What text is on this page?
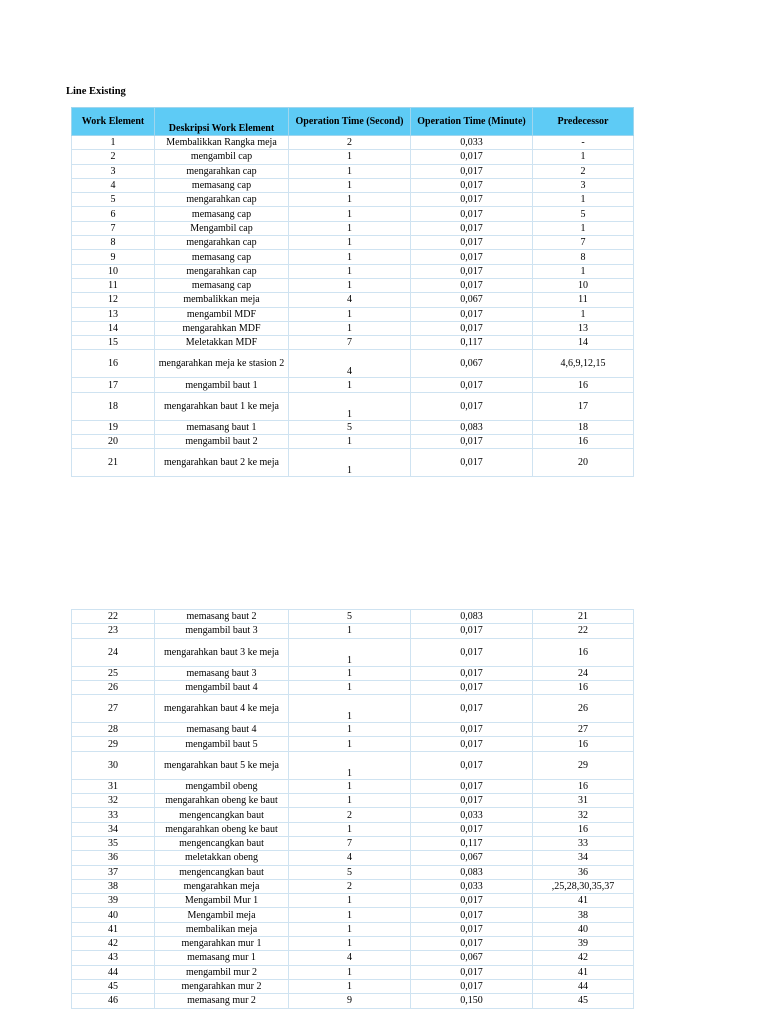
Line Existing

Work Element	Deskripsi Work Element	Operation Time (Second)	Operation Time (Minute)	Predecessor
1	Membalikkan Rangka meja	2	0,033	-
2	mengambil cap	1	0,017	1
3	mengarahkan cap	1	0,017	2
4	memasang cap	1	0,017	3
5	mengarahkan cap	1	0,017	1
6	memasang cap	1	0,017	5
7	Mengambil cap	1	0,017	1
8	mengarahkan cap	1	0,017	7
9	memasang cap	1	0,017	8
10	mengarahkan cap	1	0,017	1
11	memasang cap	1	0,017	10
12	membalikkan meja	4	0,067	11
13	mengambil MDF	1	0,017	1
14	mengarahkan MDF	1	0,017	13
15	Meletakkan MDF	7	0,117	14
16	mengarahkan meja ke stasion 2	4	0,067	4,6,9,12,15
17	mengambil baut 1	1	0,017	16
18	mengarahkan baut 1 ke meja	1	0,017	17
19	memasang baut 1	5	0,083	18
20	mengambil baut 2	1	0,017	16
21	mengarahkan baut 2 ke meja	1	0,017	20
22	memasang baut 2	5	0,083	21
23	mengambil baut 3	1	0,017	22
24	mengarahkan baut 3 ke meja	1	0,017	16
25	memasang baut 3	1	0,017	24
26	mengambil baut 4	1	0,017	16
27	mengarahkan baut 4 ke meja	1	0,017	26
28	memasang baut 4	1	0,017	27
29	mengambil baut 5	1	0,017	16
30	mengarahkan baut 5 ke meja	1	0,017	29
31	mengambil obeng	1	0,017	16
32	mengarahkan obeng ke baut	1	0,017	31
33	mengencangkan baut	2	0,033	32
34	mengarahkan obeng ke baut	1	0,017	16
35	mengencangkan baut	7	0,117	33
36	meletakkan obeng	4	0,067	34
37	mengencangkan baut	5	0,083	36
38	mengarahkan meja	2	0,033	,25,28,30,35,37
39	Mengambil Mur 1	1	0,017	41
40	Mengambil meja	1	0,017	38
41	membalikan meja	1	0,017	40
42	mengarahkan mur 1	1	0,017	39
43	memasang mur 1	4	0,067	42
44	mengambil mur 2	1	0,017	41
45	mengarahkan mur 2	1	0,017	44
46	memasang mur 2	9	0,150	45
